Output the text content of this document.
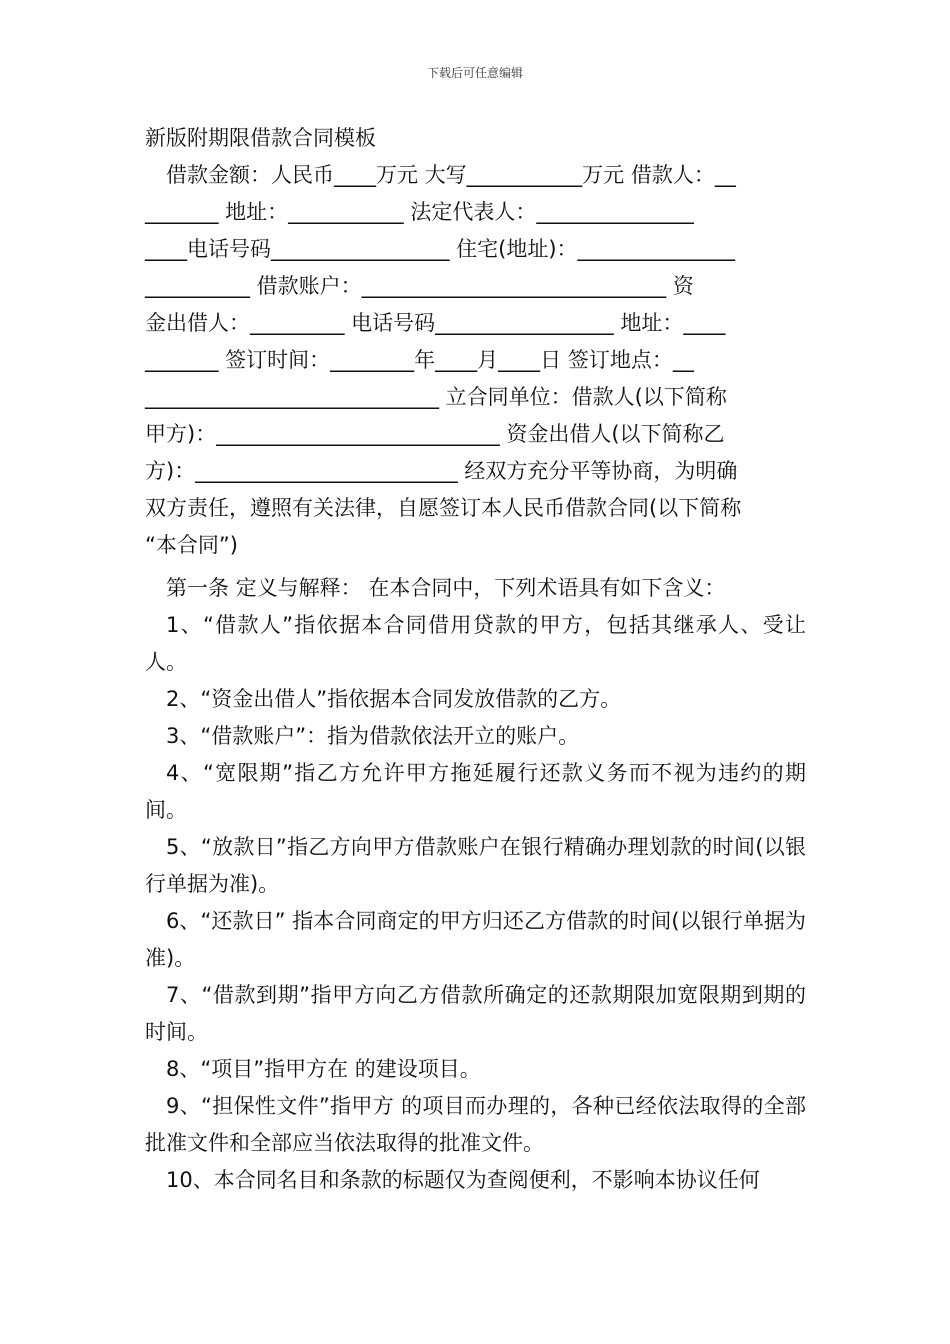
下载后可任意编辑

新版附期限借款合同模板

借款金额：人民币____万元 大写___________万元 借款人：__

_______ 地址：___________ 法定代表人：_______________

____电话号码_________________ 住宅(地址)：_______________

__________ 借款账户：_____________________________ 资

金出借人：_________ 电话号码_________________ 地址：____

_______ 签订时间：________年____月____日 签订地点：__

____________________________ 立合同单位：借款人(以下简称

甲方)：___________________________ 资金出借人(以下简称乙

方)：_________________________ 经双方充分平等协商，为明确

双方责任，遵照有关法律，自愿签订本人民币借款合同(以下简称

“本合同”)

第一条 定义与解释： 在本合同中，下列术语具有如下含义：

1、“借款人”指依据本合同借用贷款的甲方，包括其继承人、受让人。

2、“资金出借人”指依据本合同发放借款的乙方。

3、“借款账户”：指为借款依法开立的账户。

4、“宽限期”指乙方允许甲方拖延履行还款义务而不视为违约的期间。

5、“放款日”指乙方向甲方借款账户在银行精确办理划款的时间(以银行单据为准)。

6、“还款日” 指本合同商定的甲方归还乙方借款的时间(以银行单据为准)。

7、“借款到期”指甲方向乙方借款所确定的还款期限加宽限期到期的时间。

8、“项目”指甲方在 的建设项目。

9、“担保性文件”指甲方 的项目而办理的，各种已经依法取得的全部批准文件和全部应当依法取得的批准文件。

10、本合同名目和条款的标题仅为查阅便利，不影响本协议任何
